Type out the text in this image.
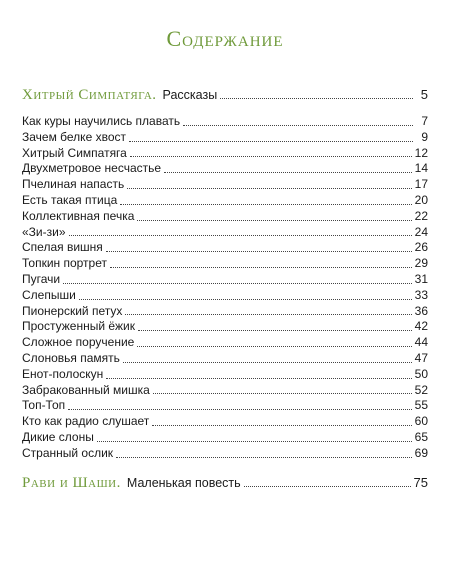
Содержание
Хитрый Симпатяга. Рассказы	5
Как куры научились плавать	7
Зачем белке хвост	9
Хитрый Симпатяга	12
Двухметровое несчастье	14
Пчелиная напасть	17
Есть такая птица	20
Коллективная печка	22
«Зи-зи»	24
Спелая вишня	26
Топкин портрет	29
Пугачи	31
Слепыши	33
Пионерский петух	36
Простуженный ёжик	42
Сложное поручение	44
Слоновья память	47
Енот-полоскун	50
Забракованный мишка	52
Топ-Топ	55
Кто как радио слушает	60
Дикие слоны	65
Странный ослик	69
Рави и Шаши. Маленькая повесть	75
